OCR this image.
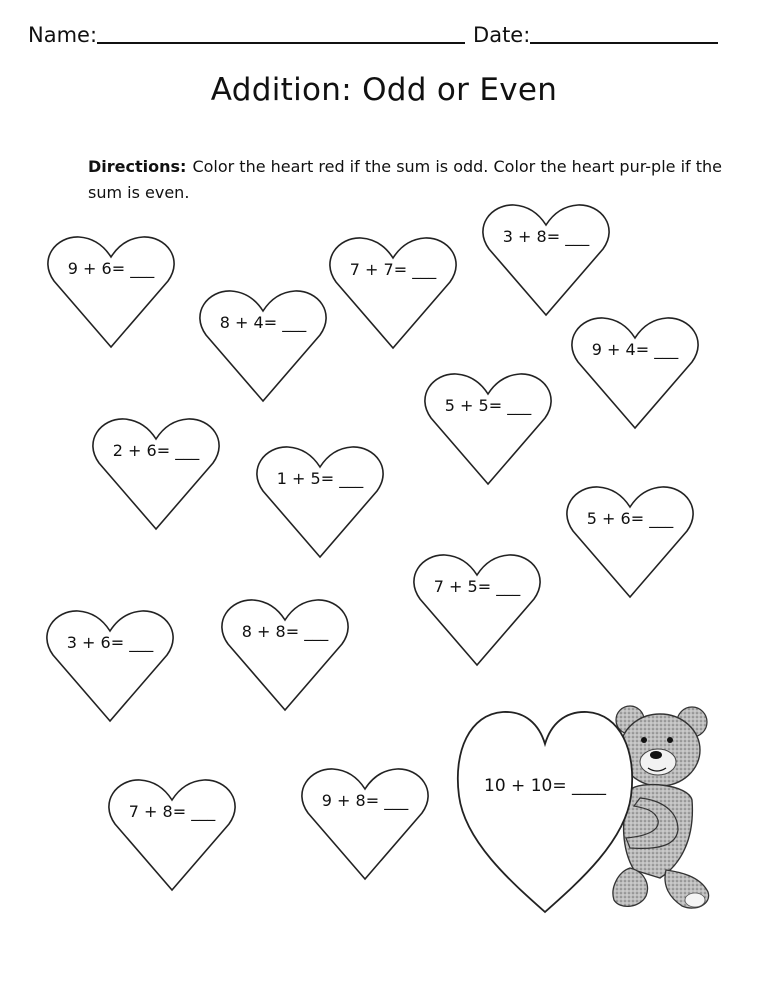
Name:	Date:
Addition: Odd or Even
Directions: Color the heart red if the sum is odd. Color the heart pur-ple if the sum is even.
9 + 6= ___
8 + 4= ___
7 + 7= ___
3 + 8= ___
9 + 4= ___
5 + 5= ___
2 + 6= ___
1 + 5= ___
5 + 6= ___
7 + 5= ___
3 + 6= ___
8 + 8= ___
7 + 8= ___
9 + 8= ___
10 + 10= ____
